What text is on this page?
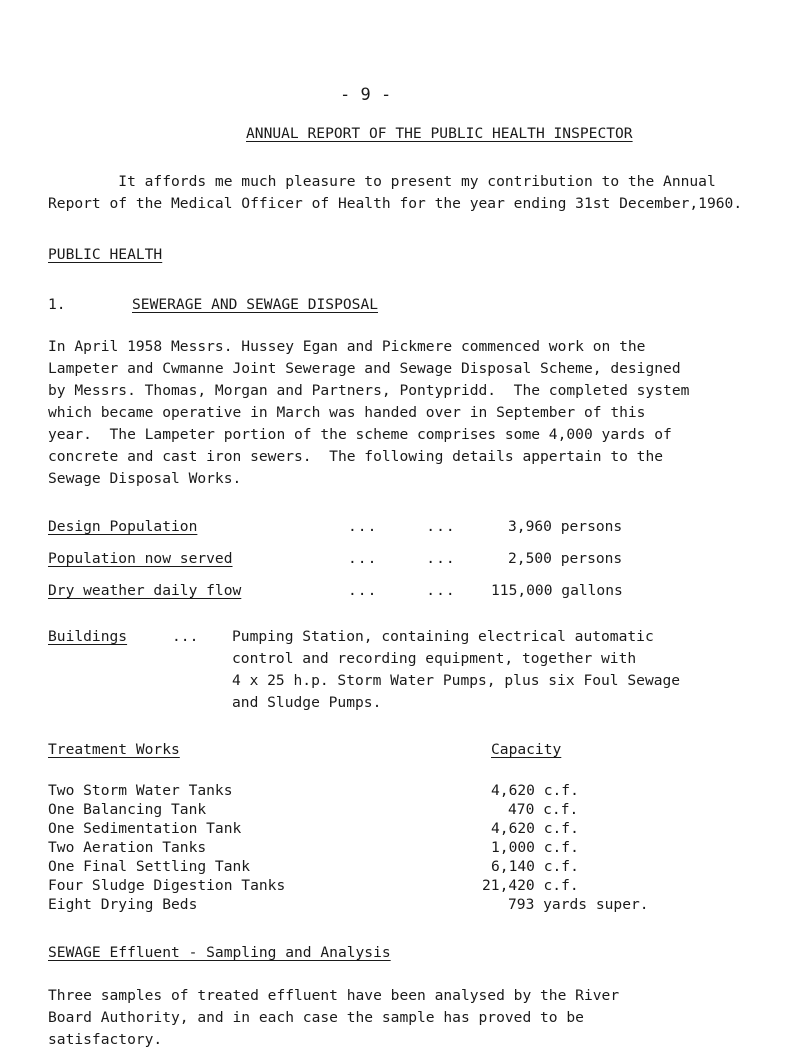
- 9 -
ANNUAL REPORT OF THE PUBLIC HEALTH INSPECTOR
It affords me much pleasure to present my contribution to the Annual
Report of the Medical Officer of Health for the year ending 31st December,1960.
PUBLIC HEALTH
1.	SEWERAGE AND SEWAGE DISPOSAL
In April 1958 Messrs. Hussey Egan and Pickmere commenced work on the
Lampeter and Cwmanne Joint Sewerage and Sewage Disposal Scheme, designed
by Messrs. Thomas, Morgan and Partners, Pontypridd.  The completed system
which became operative in March was handed over in September of this
year.  The Lampeter portion of the scheme comprises some 4,000 yards of
concrete and cast iron sewers.  The following details appertain to the
Sewage Disposal Works.
Design Population	...     ...	3,960 persons
Population now served	...     ...	2,500 persons
Dry weather daily flow	...     ... 115,000 gallons
Buildings	... Pumping Station, containing electrical automatic
control and recording equipment, together with
4 x 25 h.p. Storm Water Pumps, plus six Foul Sewage
and Sludge Pumps.
Treatment Works	Capacity
Two Storm Water Tanks	4,620 c.f.
One Balancing Tank	470 c.f.
One Sedimentation Tank	4,620 c.f.
Two Aeration Tanks	1,000 c.f.
One Final Settling Tank	6,140 c.f.
Four Sludge Digestion Tanks	21,420 c.f.
Eight Drying Beds	793 yards super.
SEWAGE Effluent - Sampling and Analysis
Three samples of treated effluent have been analysed by the River
Board Authority, and in each case the sample has proved to be
satisfactory.
